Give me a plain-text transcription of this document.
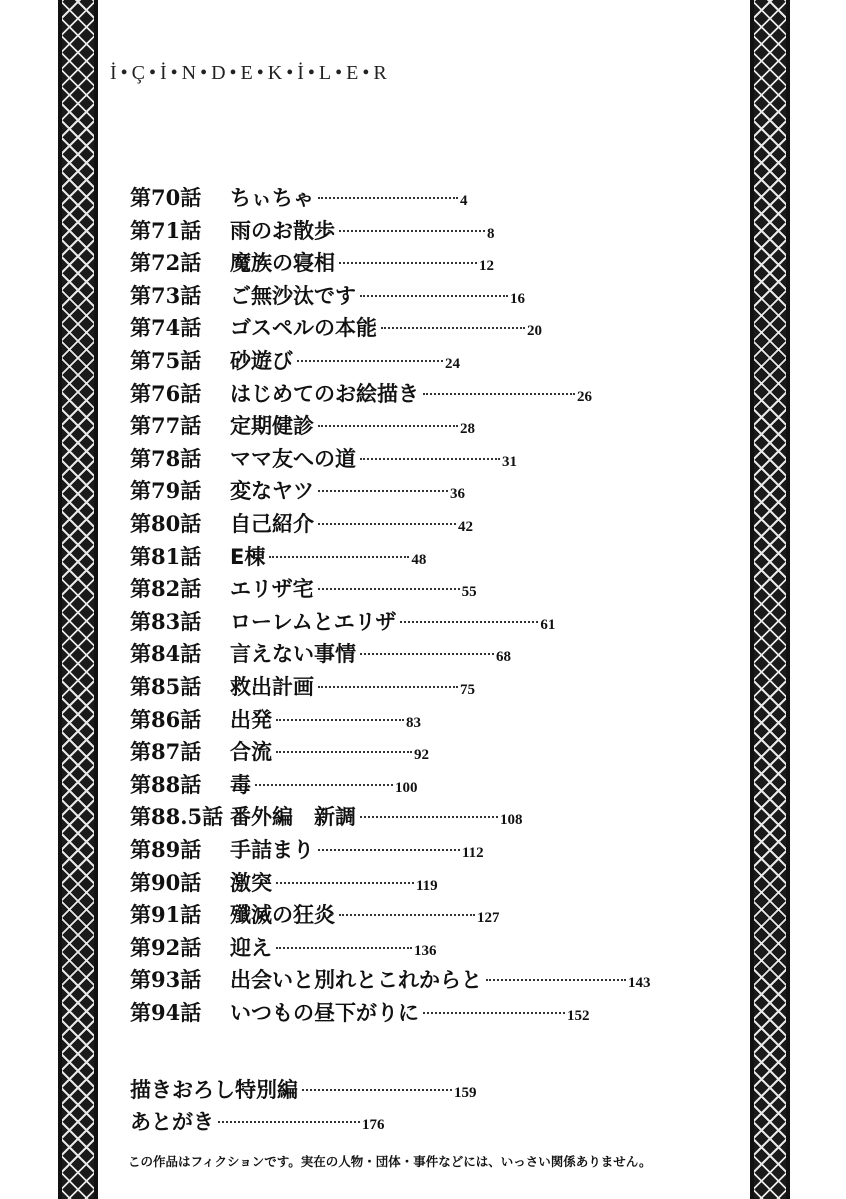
İ•Ç•İ•N•D•E•K•İ•L•E•R
第70話	ちぃちゃ	4
第71話	雨のお散歩	8
第72話	魔族の寝相	12
第73話	ご無沙汰です	16
第74話	ゴスペルの本能	20
第75話	砂遊び	24
第76話	はじめてのお絵描き	26
第77話	定期健診	28
第78話	ママ友への道	31
第79話	変なヤツ	36
第80話	自己紹介	42
第81話	E棟	48
第82話	エリザ宅	55
第83話	ローレムとエリザ	61
第84話	言えない事情	68
第85話	救出計画	75
第86話	出発	83
第87話	合流	92
第88話	毒	100
第88.5話 番外編　新調	108
第89話	手詰まり	112
第90話	激突	119
第91話	殲滅の狂炎	127
第92話	迎え	136
第93話	出会いと別れとこれからと	143
第94話	いつもの昼下がりに	152
描きおろし特別編	159
あとがき	176
この作品はフィクションです。実在の人物・団体・事件などには、いっさい関係ありません。
